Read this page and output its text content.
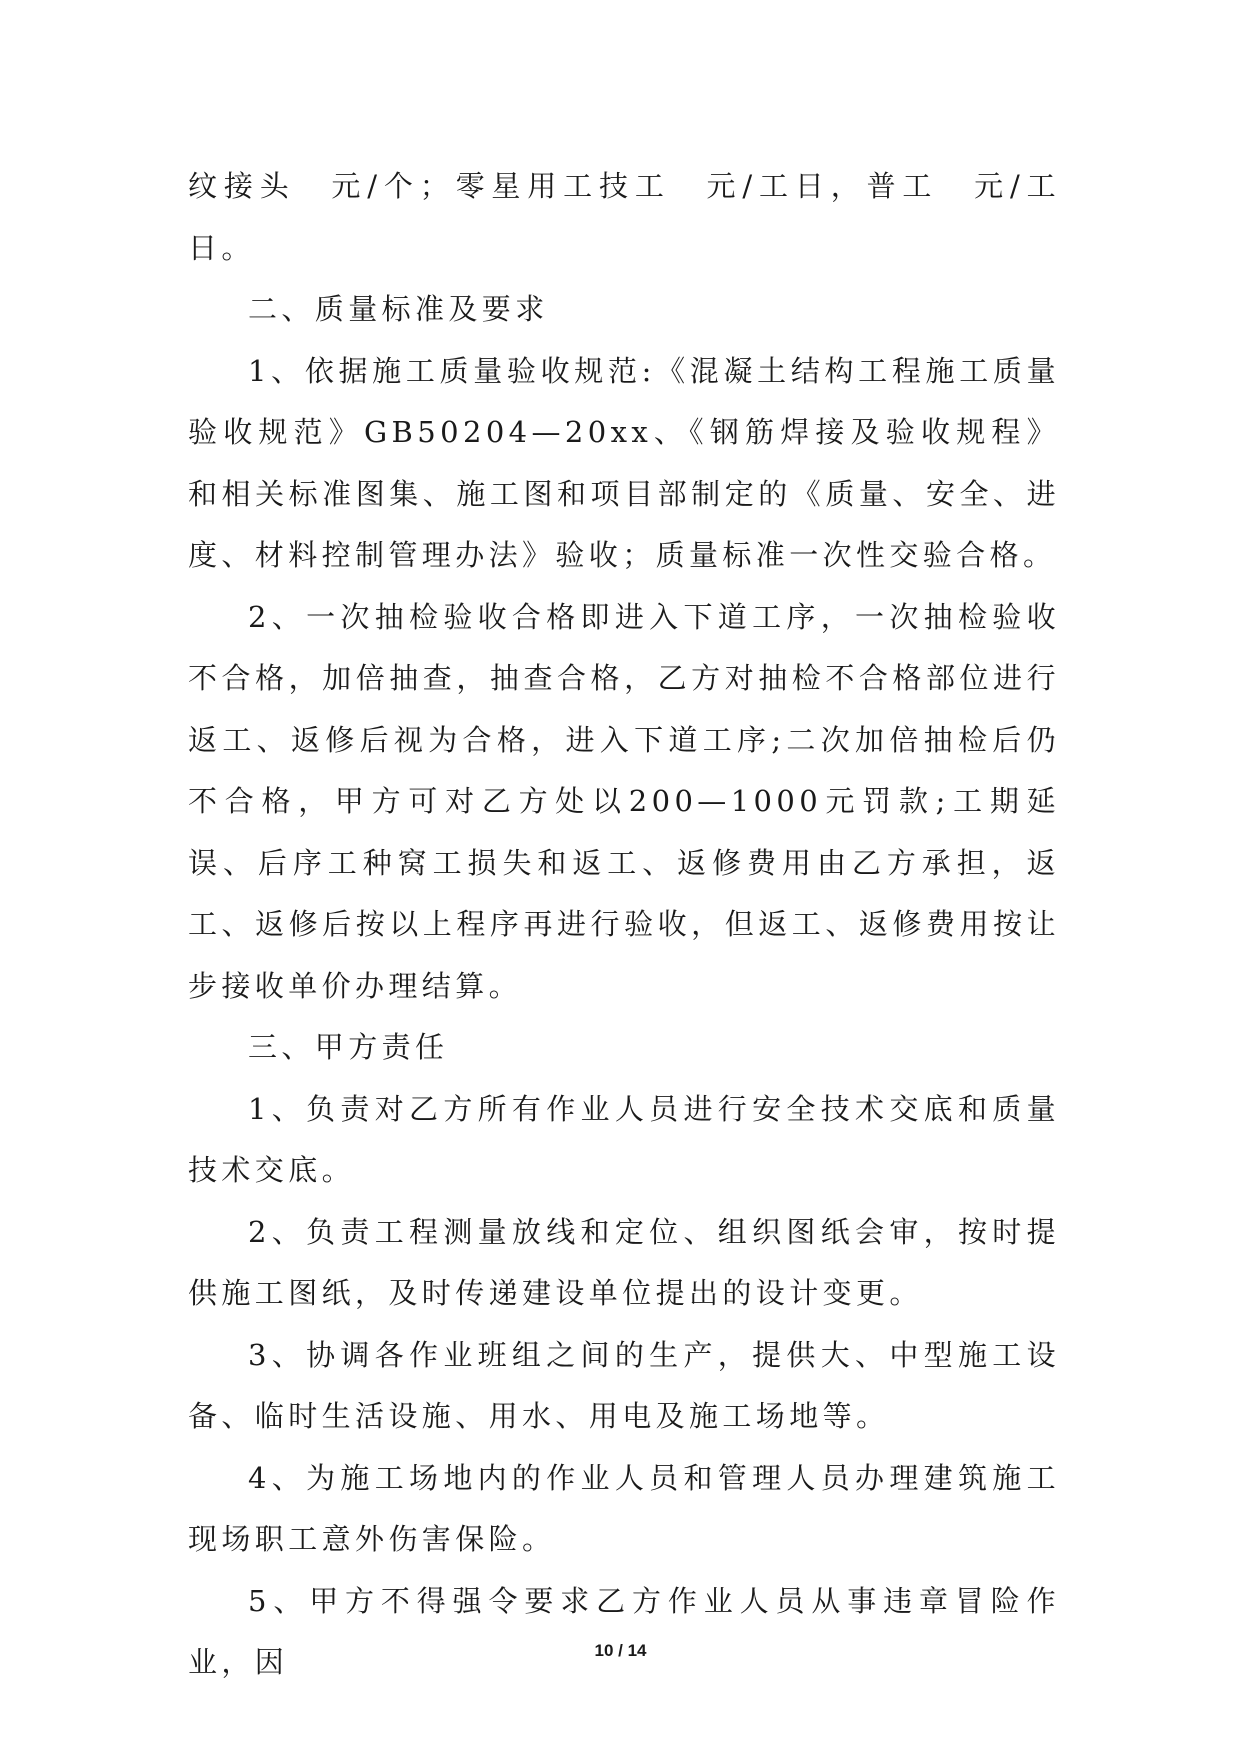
纹接头　元/个；零星用工技工　元/工日，普工　元/工日。

二、质量标准及要求

1、依据施工质量验收规范:《混凝土结构工程施工质量验收规范》GB50204—20xx、《钢筋焊接及验收规程》和相关标准图集、施工图和项目部制定的《质量、安全、进度、材料控制管理办法》验收；质量标准一次性交验合格。

2、一次抽检验收合格即进入下道工序，一次抽检验收不合格，加倍抽查，抽查合格，乙方对抽检不合格部位进行返工、返修后视为合格，进入下道工序;二次加倍抽检后仍不合格，甲方可对乙方处以200—1000元罚款;工期延误、后序工种窝工损失和返工、返修费用由乙方承担，返工、返修后按以上程序再进行验收，但返工、返修费用按让步接收单价办理结算。

三、甲方责任

1、负责对乙方所有作业人员进行安全技术交底和质量技术交底。

2、负责工程测量放线和定位、组织图纸会审，按时提供施工图纸，及时传递建设单位提出的设计变更。

3、协调各作业班组之间的生产，提供大、中型施工设备、临时生活设施、用水、用电及施工场地等。

4、为施工场地内的作业人员和管理人员办理建筑施工现场职工意外伤害保险。

5、甲方不得强令要求乙方作业人员从事违章冒险作业，因	10 / 14
